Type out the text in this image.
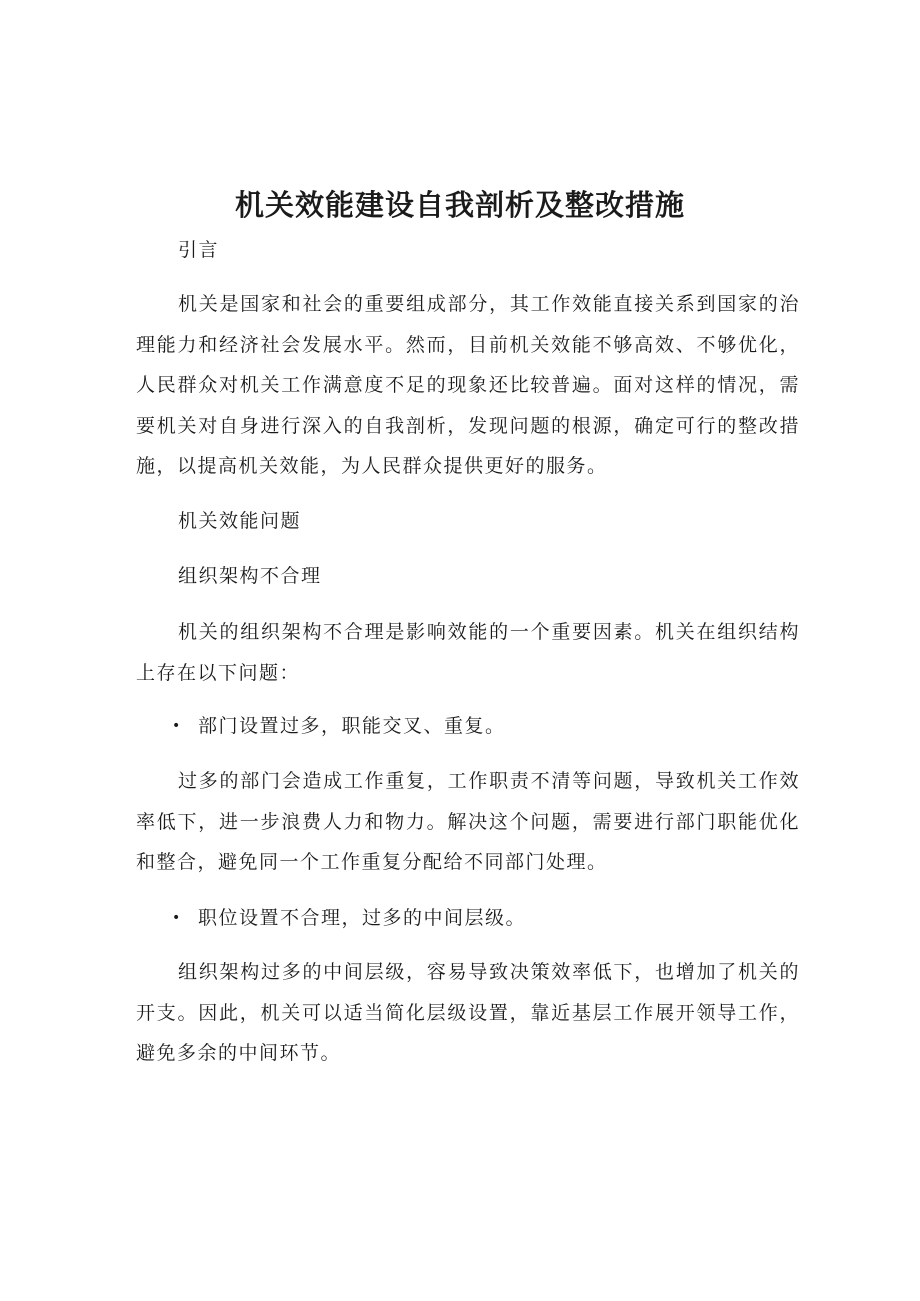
机关效能建设自我剖析及整改措施

引言

机关是国家和社会的重要组成部分，其工作效能直接关系到国家的治理能力和经济社会发展水平。然而，目前机关效能不够高效、不够优化，人民群众对机关工作满意度不足的现象还比较普遍。面对这样的情况，需要机关对自身进行深入的自我剖析，发现问题的根源，确定可行的整改措施，以提高机关效能，为人民群众提供更好的服务。

机关效能问题

组织架构不合理

机关的组织架构不合理是影响效能的一个重要因素。机关在组织结构上存在以下问题：

• 部门设置过多，职能交叉、重复。

过多的部门会造成工作重复，工作职责不清等问题，导致机关工作效率低下，进一步浪费人力和物力。解决这个问题，需要进行部门职能优化和整合，避免同一个工作重复分配给不同部门处理。

• 职位设置不合理，过多的中间层级。

组织架构过多的中间层级，容易导致决策效率低下，也增加了机关的开支。因此，机关可以适当简化层级设置，靠近基层工作展开领导工作，避免多余的中间环节。
